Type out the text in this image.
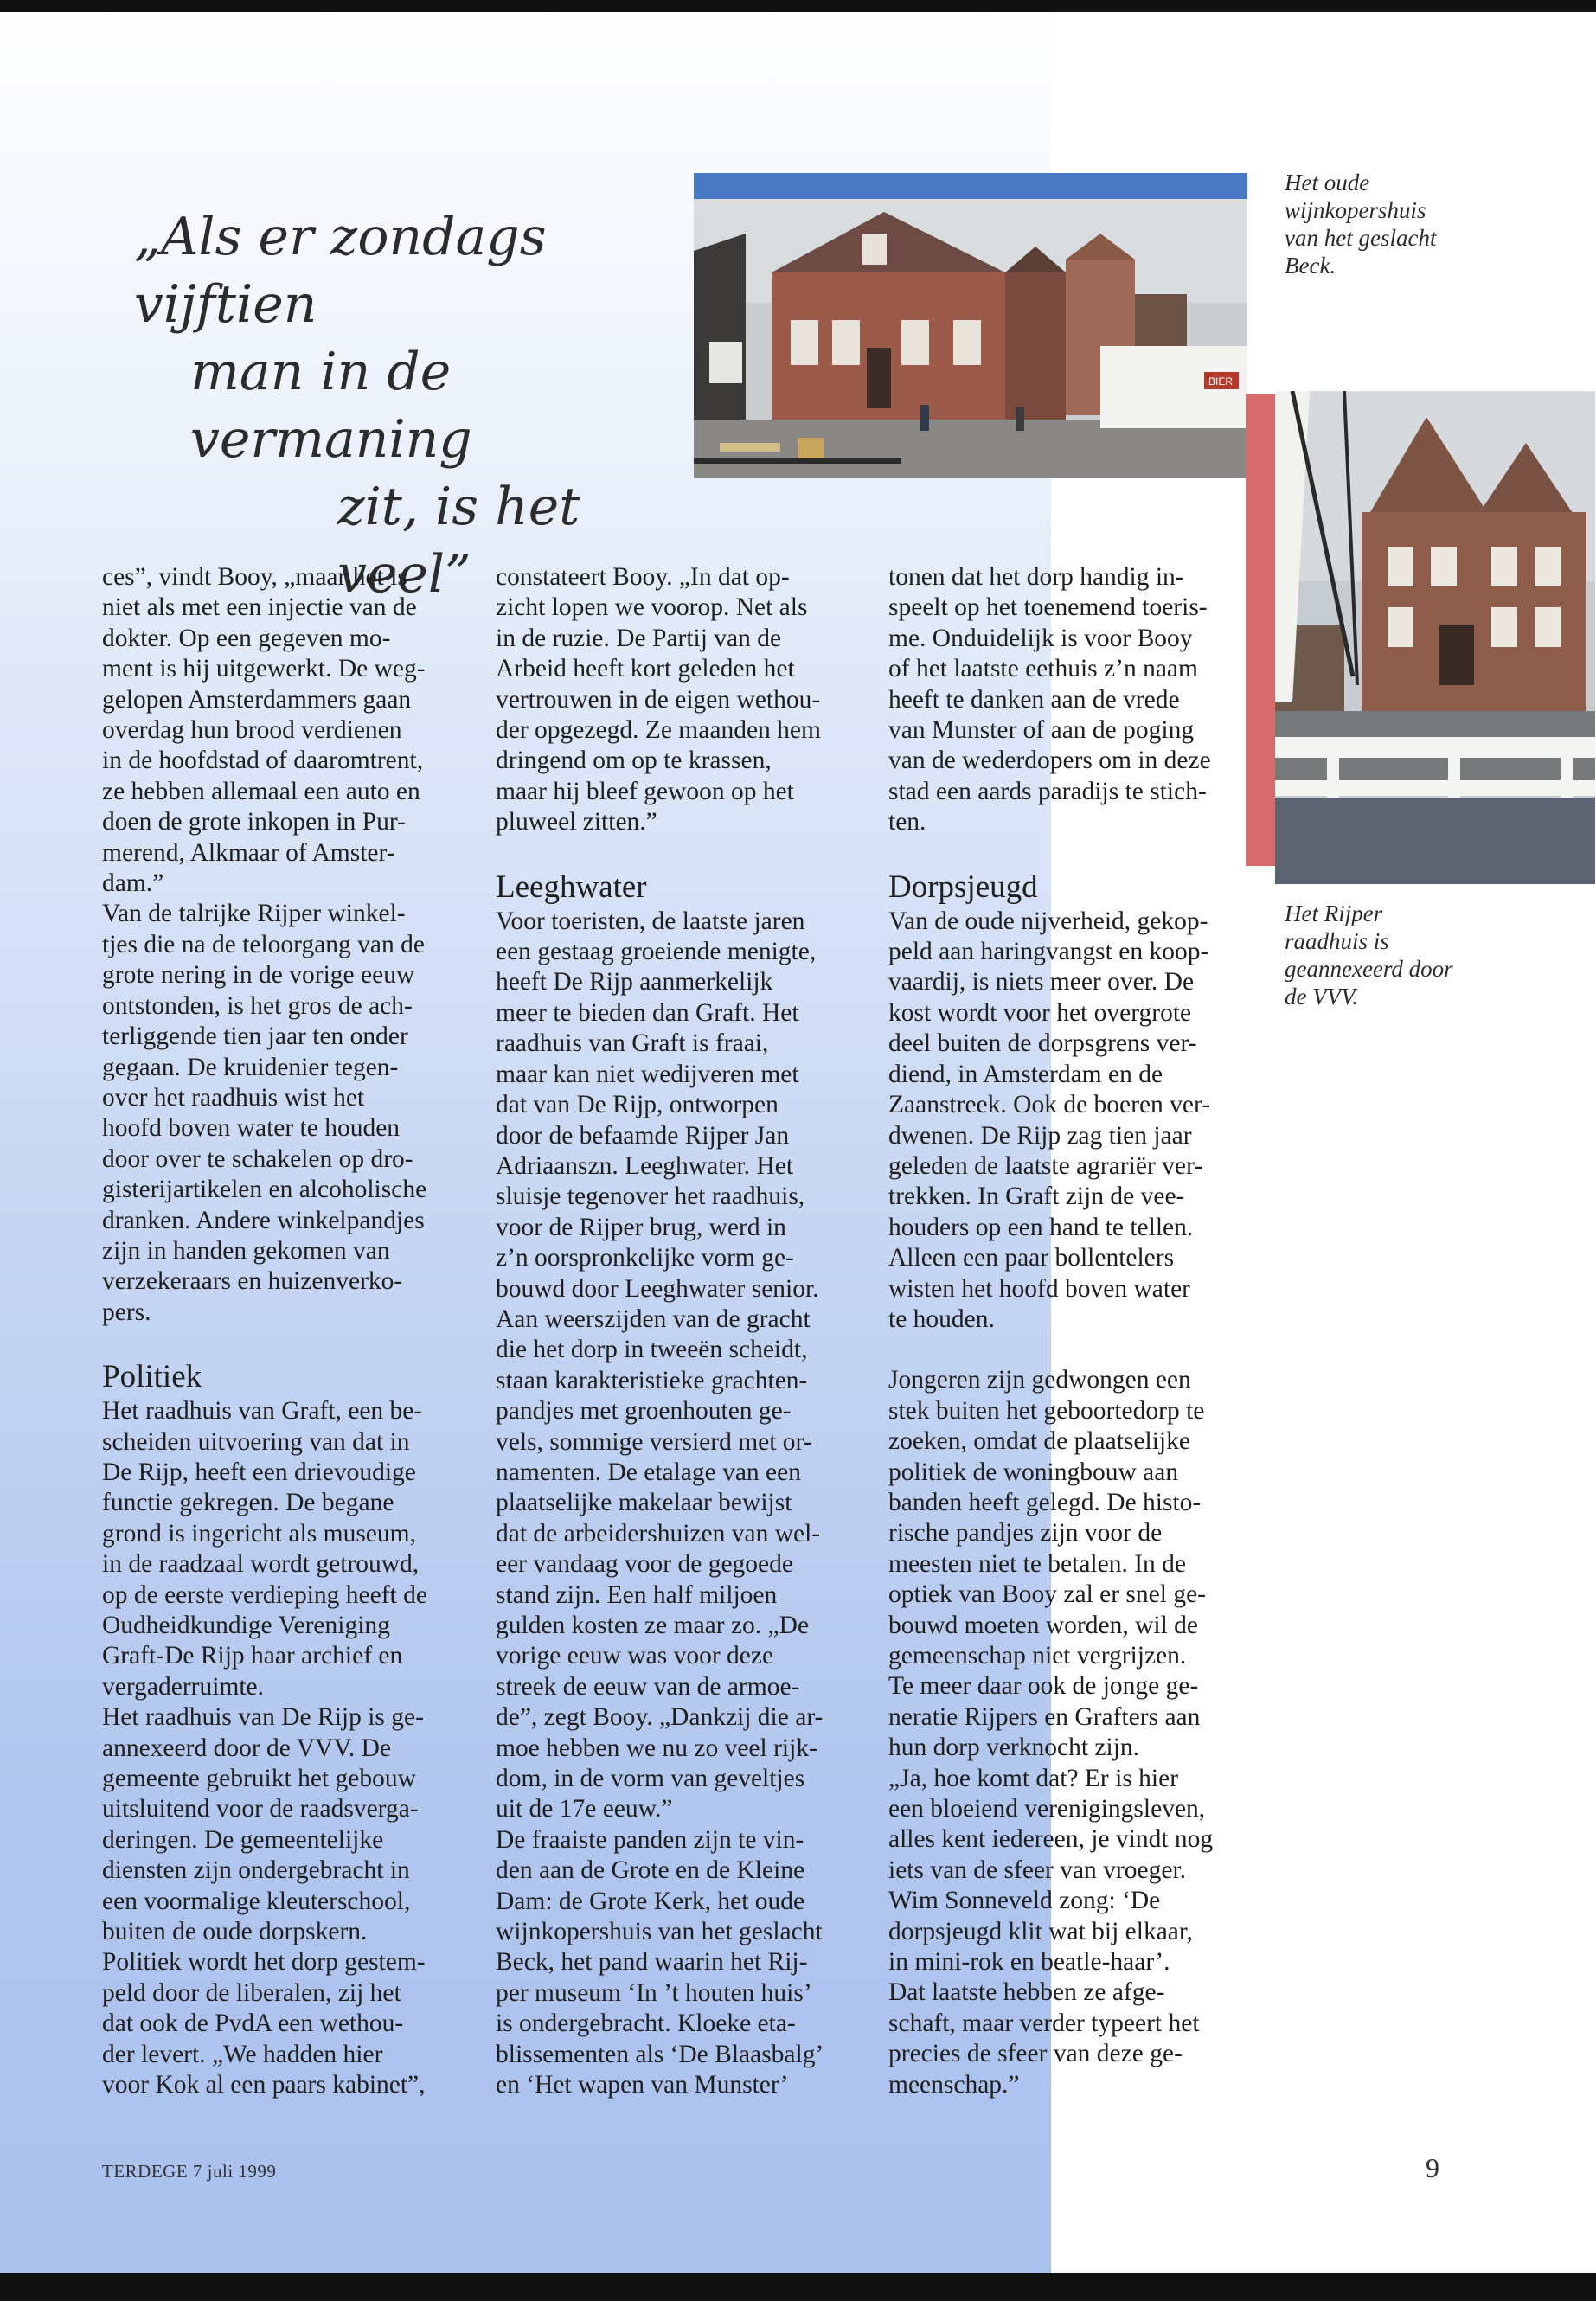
„Als er zondags vijftien
man in de vermaning
zit, is het veel”
BIER
Het oude wijnkopershuis van het geslacht Beck.
Het Rijper raadhuis is geannexeerd door de VVV.

ces”, vindt Booy, „maar het is
niet als met een injectie van de
dokter. Op een gegeven mo-
ment is hij uitgewerkt. De weg-
gelopen Amsterdammers gaan
overdag hun brood verdienen
in de hoofdstad of daaromtrent,
ze hebben allemaal een auto en
doen de grote inkopen in Pur-
merend, Alkmaar of Amster-
dam.”
Van de talrijke Rijper winkel-
tjes die na de teloorgang van de
grote nering in de vorige eeuw
ontstonden, is het gros de ach-
terliggende tien jaar ten onder
gegaan. De kruidenier tegen-
over het raadhuis wist het
hoofd boven water te houden
door over te schakelen op dro-
gisterijartikelen en alcoholische
dranken. Andere winkelpandjes
zijn in handen gekomen van
verzekeraars en huizenverko-
pers.

Politiek

Het raadhuis van Graft, een be-
scheiden uitvoering van dat in
De Rijp, heeft een drievoudige
functie gekregen. De begane
grond is ingericht als museum,
in de raadzaal wordt getrouwd,
op de eerste verdieping heeft de
Oudheidkundige Vereniging
Graft-De Rijp haar archief en
vergaderruimte.
Het raadhuis van De Rijp is ge-
annexeerd door de VVV. De
gemeente gebruikt het gebouw
uitsluitend voor de raadsverga-
deringen. De gemeentelijke
diensten zijn ondergebracht in
een voormalige kleuterschool,
buiten de oude dorpskern.
Politiek wordt het dorp gestem-
peld door de liberalen, zij het
dat ook de PvdA een wethou-
der levert. „We hadden hier
voor Kok al een paars kabinet”,

constateert Booy. „In dat op-
zicht lopen we voorop. Net als
in de ruzie. De Partij van de
Arbeid heeft kort geleden het
vertrouwen in de eigen wethou-
der opgezegd. Ze maanden hem
dringend om op te krassen,
maar hij bleef gewoon op het
pluweel zitten.”

Leeghwater

Voor toeristen, de laatste jaren
een gestaag groeiende menigte,
heeft De Rijp aanmerkelijk
meer te bieden dan Graft. Het
raadhuis van Graft is fraai,
maar kan niet wedijveren met
dat van De Rijp, ontworpen
door de befaamde Rijper Jan
Adriaanszn. Leeghwater. Het
sluisje tegenover het raadhuis,
voor de Rijper brug, werd in
z’n oorspronkelijke vorm ge-
bouwd door Leeghwater senior.
Aan weerszijden van de gracht
die het dorp in tweeën scheidt,
staan karakteristieke grachten-
pandjes met groenhouten ge-
vels, sommige versierd met or-
namenten. De etalage van een
plaatselijke makelaar bewijst
dat de arbeidershuizen van wel-
eer vandaag voor de gegoede
stand zijn. Een half miljoen
gulden kosten ze maar zo. „De
vorige eeuw was voor deze
streek de eeuw van de armoe-
de”, zegt Booy. „Dankzij die ar-
moe hebben we nu zo veel rijk-
dom, in de vorm van geveltjes
uit de 17e eeuw.”
De fraaiste panden zijn te vin-
den aan de Grote en de Kleine
Dam: de Grote Kerk, het oude
wijnkopershuis van het geslacht
Beck, het pand waarin het Rij-
per museum ‘In ’t houten huis’
is ondergebracht. Kloeke eta-
blissementen als ‘De Blaasbalg’
en ‘Het wapen van Munster’

tonen dat het dorp handig in-
speelt op het toenemend toeris-
me. Onduidelijk is voor Booy
of het laatste eethuis z’n naam
heeft te danken aan de vrede
van Munster of aan de poging
van de wederdopers om in deze
stad een aards paradijs te stich-
ten.

Dorpsjeugd

Van de oude nijverheid, gekop-
peld aan haringvangst en koop-
vaardij, is niets meer over. De
kost wordt voor het overgrote
deel buiten de dorpsgrens ver-
diend, in Amsterdam en de
Zaanstreek. Ook de boeren ver-
dwenen. De Rijp zag tien jaar
geleden de laatste agrariër ver-
trekken. In Graft zijn de vee-
houders op een hand te tellen.
Alleen een paar bollentelers
wisten het hoofd boven water
te houden.

Jongeren zijn gedwongen een
stek buiten het geboortedorp te
zoeken, omdat de plaatselijke
politiek de woningbouw aan
banden heeft gelegd. De histo-
rische pandjes zijn voor de
meesten niet te betalen. In de
optiek van Booy zal er snel ge-
bouwd moeten worden, wil de
gemeenschap niet vergrijzen.
Te meer daar ook de jonge ge-
neratie Rijpers en Grafters aan
hun dorp verknocht zijn.
„Ja, hoe komt dat? Er is hier
een bloeiend verenigingsleven,
alles kent iedereen, je vindt nog
iets van de sfeer van vroeger.
Wim Sonneveld zong: ‘De
dorpsjeugd klit wat bij elkaar,
in mini-rok en beatle-haar’.
Dat laatste hebben ze afge-
schaft, maar verder typeert het
precies de sfeer van deze ge-
meenschap.”

TERDEGE 7 juli 1999	9
